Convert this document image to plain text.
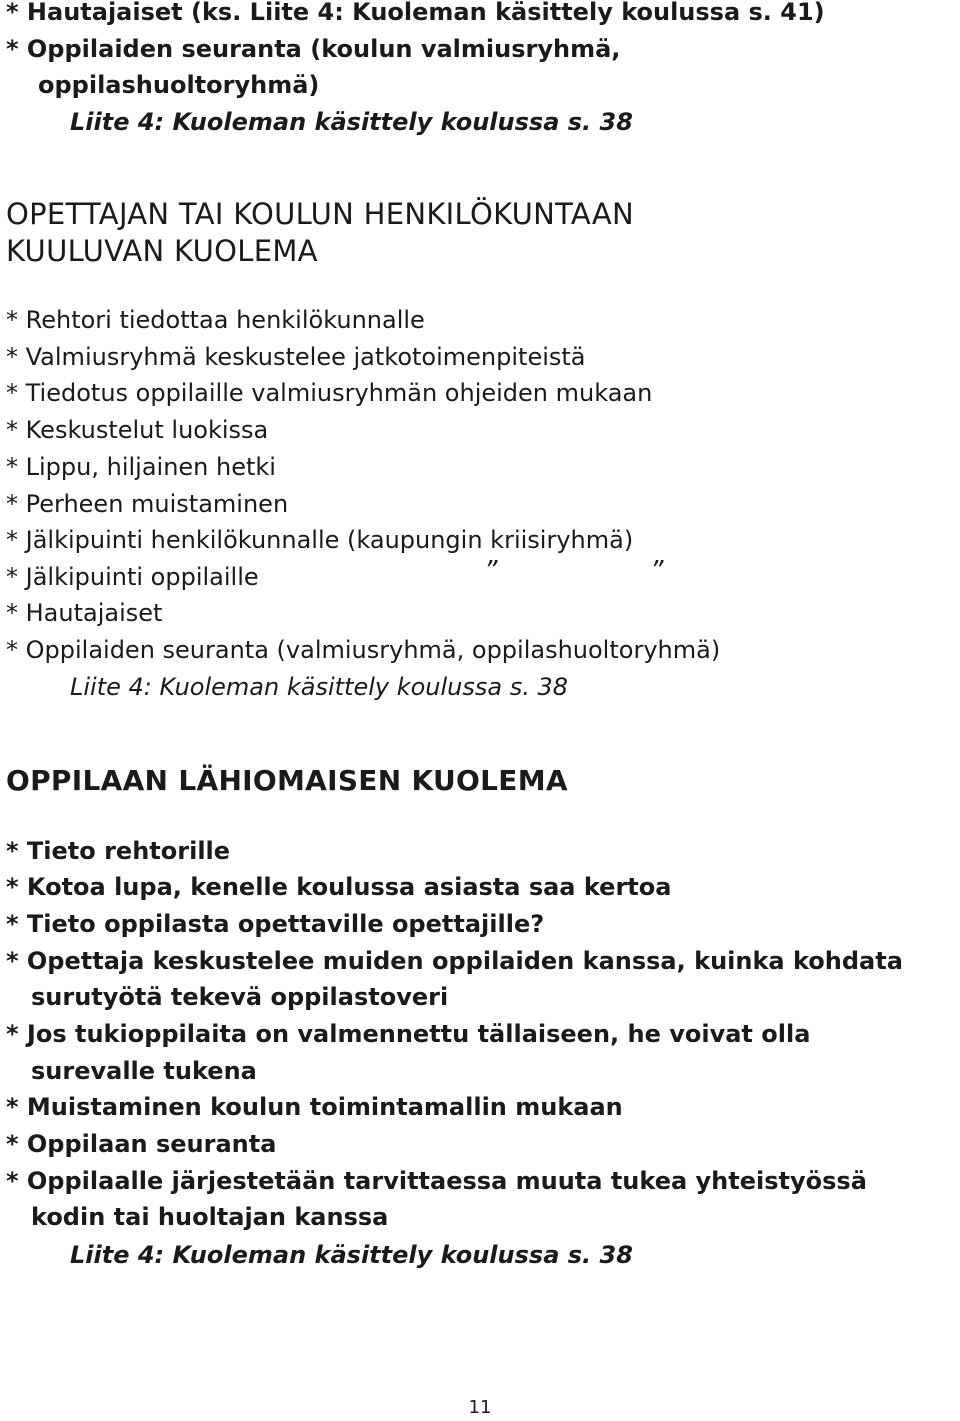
* Hautajaiset (ks. Liite 4: Kuoleman käsittely koulussa s. 41)
* Oppilaiden seuranta (koulun valmiusryhmä,
oppilashuoltoryhmä)
Liite 4: Kuoleman käsittely koulussa s. 38
OPETTAJAN TAI KOULUN HENKILÖKUNTAAN
KUULUVAN KUOLEMA
* Rehtori tiedottaa henkilökunnalle
* Valmiusryhmä keskustelee jatkotoimenpiteistä
* Tiedotus oppilaille valmiusryhmän ohjeiden mukaan
* Keskustelut luokissa
* Lippu, hiljainen hetki
* Perheen muistaminen
* Jälkipuinti henkilökunnalle (kaupungin kriisiryhmä)
* Jälkipuinti oppilaille	”	”
* Hautajaiset
* Oppilaiden seuranta (valmiusryhmä, oppilashuoltoryhmä)
Liite 4: Kuoleman käsittely koulussa s. 38
OPPILAAN LÄHIOMAISEN KUOLEMA
* Tieto rehtorille
* Kotoa lupa, kenelle koulussa asiasta saa kertoa
* Tieto oppilasta opettaville opettajille?
* Opettaja keskustelee muiden oppilaiden kanssa, kuinka kohdata
surutyötä tekevä oppilastoveri
* Jos tukioppilaita on valmennettu tällaiseen, he voivat olla
surevalle tukena
* Muistaminen koulun toimintamallin mukaan
* Oppilaan seuranta
* Oppilaalle järjestetään tarvittaessa muuta tukea yhteistyössä
kodin tai huoltajan kanssa
Liite 4: Kuoleman käsittely koulussa s. 38
11
